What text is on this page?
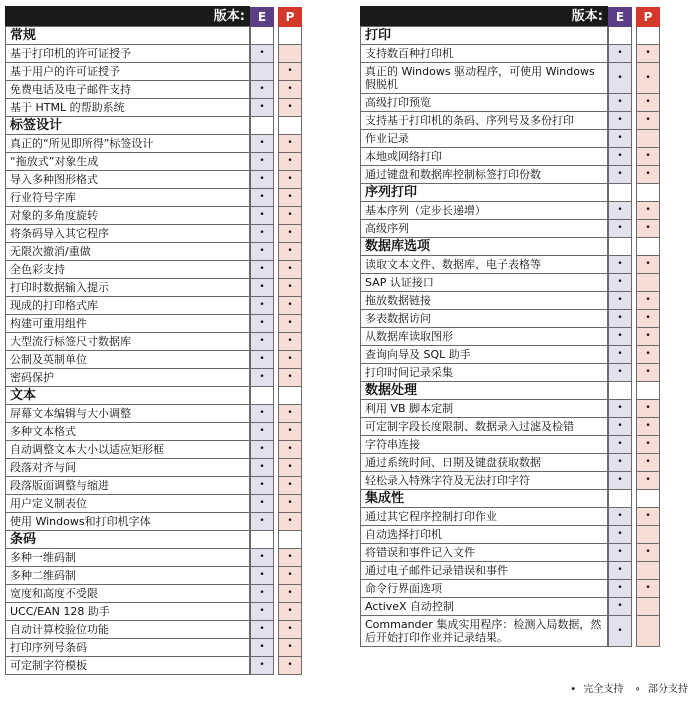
版本:	E		P

常规			
基于打印机的许可证授予	•		
基于用户的许可证授予			•
免费电话及电子邮件支持	•		•
基于 HTML 的帮助系统	•		•
标签设计			
真正的“所见即所得”标签设计	•		•
“拖放式”对象生成	•		•
导入多种图形格式	•		•
行业符号字库	•		•
对象的多角度旋转	•		•
将条码导入其它程序	•		•
无限次撤消/重做	•		•
全色彩支持	•		•
打印时数据输入提示	•		•
现成的打印格式库	•		•
构建可重用组件	•		•
大型流行标签尺寸数据库	•		•
公制及英制单位	•		•
密码保护	•		•
文本			
屏幕文本编辑与大小调整	•		•
多种文本格式	•		•
自动调整文本大小以适应矩形框	•		•
段落对齐与间	•		•
段落版面调整与缩进	•		•
用户定义制表位	•		•
使用 Windows和打印机字体	•		•
条码			
多种一维码制	•		•
多种二维码制	•		•
宽度和高度不受限	•		•
UCC/EAN 128 助手	•		•
自动计算校验位功能	•		•
打印序列号条码	•		•
可定制字符模板	•		•
版本:	E		P

打印			
支持数百种打印机	•		•
真正的 Windows 驱动程序，可使用 Windows假脱机	•		•
高级打印预览	•		•
支持基于打印机的条码、序列号及多份打印	•		•
作业记录	•		
本地或网络打印	•		•
通过键盘和数据库控制标签打印份数	•		•
序列打印			
基本序列（定步长递增）	•		•
高级序列	•		•
数据库选项			
读取文本文件、数据库、电子表格等	•		•
SAP 认证接口	•		
拖放数据链接	•		•
多表数据访问	•		•
从数据库读取图形	•		•
查询向导及 SQL 助手	•		•
打印时间记录采集	•		•
数据处理			
利用 VB 脚本定制	•		•
可定制字段长度限制、数据录入过滤及检错	•		•
字符串连接	•		•
通过系统时间、日期及键盘获取数据	•		•
轻松录入特殊字符及无法打印字符	•		•
集成性			
通过其它程序控制打印作业	•		•
自动选择打印机	•		
将错误和事件记入文件	•		•
通过电子邮件记录错误和事件	•		
命令行界面选项	•		•
ActiveX 自动控制	•		
Commander 集成实用程序：检测入局数据，然后开始打印作业并记录结果。	•		
• 完全支持 ∘ 部分支持
